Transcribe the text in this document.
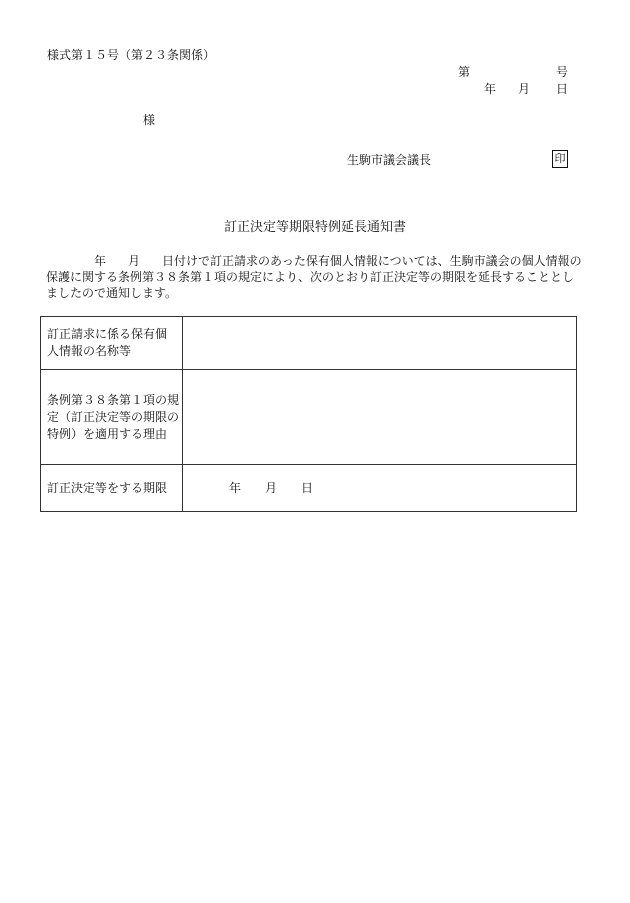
様式第１５号（第２３条関係）
第	号
年 月 日
様
生駒市議会議長	印
訂正決定等期限特例延長通知書
年 月 日付けで訂正請求のあった保有個人情報については、生駒市議会の個人情報の保護に関する条例第３８条第１項の規定により、次のとおり訂正決定等の期限を延長することとしましたので通知します。
訂正請求に係る保有個人情報の名称等	
条例第３８条第１項の規定（訂正決定等の期限の特例）を適用する理由	
訂正決定等をする期限	年 月 日
